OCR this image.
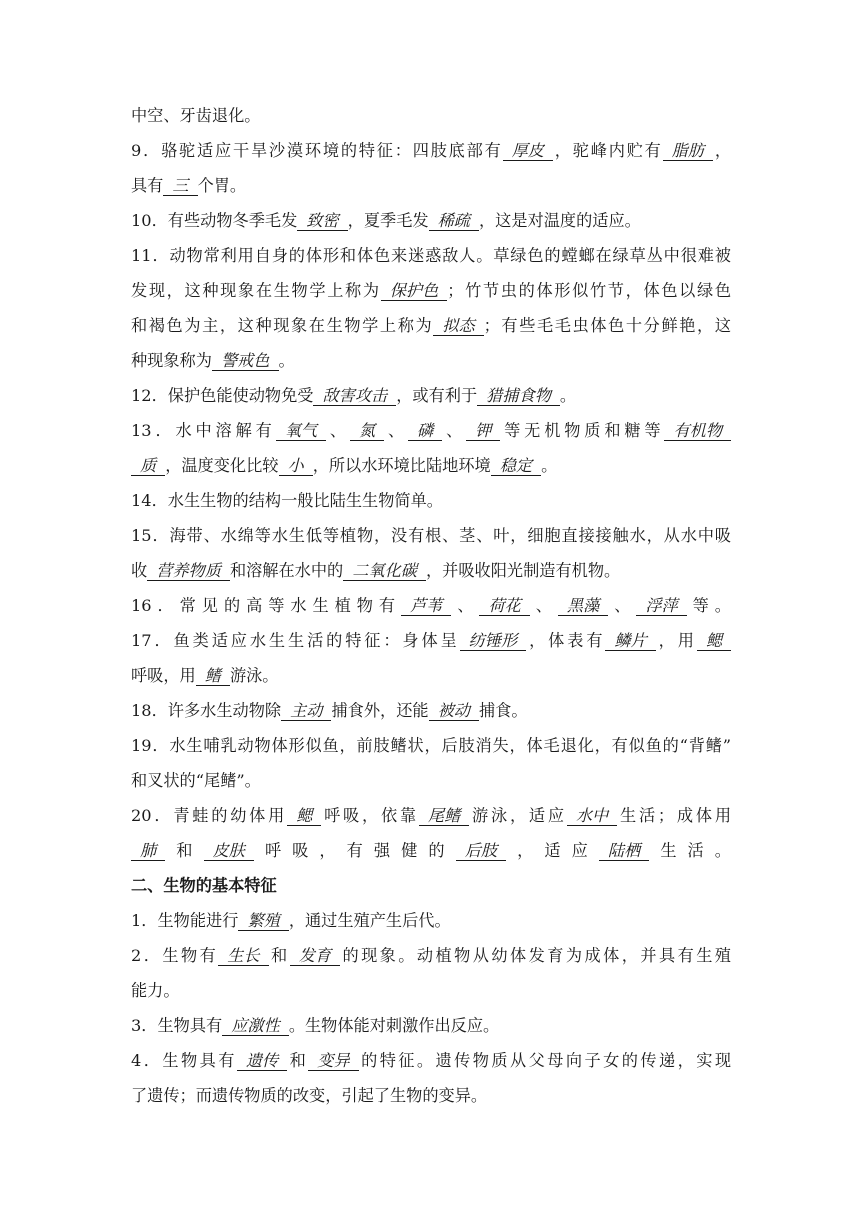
中空、牙齿退化。
9．骆驼适应干旱沙漠环境的特征：四肢底部有 厚皮 ，驼峰内贮有 脂肪 ，
具有 三 个胃。
10．有些动物冬季毛发 致密 ，夏季毛发 稀疏 ，这是对温度的适应。
11．动物常利用自身的体形和体色来迷惑敌人。草绿色的螳螂在绿草丛中很难被
发现，这种现象在生物学上称为 保护色 ；竹节虫的体形似竹节，体色以绿色
和褐色为主，这种现象在生物学上称为 拟态 ；有些毛毛虫体色十分鲜艳，这
种现象称为 警戒色 。
12．保护色能使动物免受 敌害攻击 ，或有利于 猎捕食物 。
13．水中溶解有 氧气 、 氮 、 磷 、 钾 等无机物质和糖等 有机物
质 ，温度变化比较 小 ，所以水环境比陆地环境 稳定 。
14．水生生物的结构一般比陆生生物简单。
15．海带、水绵等水生低等植物，没有根、茎、叶，细胞直接接触水，从水中吸
收 营养物质 和溶解在水中的 二氧化碳 ，并吸收阳光制造有机物。
16．常见的高等水生植物有 芦苇 、 荷花 、 黑藻 、 浮萍 等。
17．鱼类适应水生生活的特征：身体呈 纺锤形 ，体表有 鳞片 ，用 鳃
呼吸，用 鳍 游泳。
18．许多水生动物除 主动 捕食外，还能 被动 捕食。
19．水生哺乳动物体形似鱼，前肢鳍状，后肢消失，体毛退化，有似鱼的“背鳍”
和叉状的“尾鳍”。
20．青蛙的幼体用 鳃 呼吸，依靠 尾鳍 游泳，适应 水中 生活；成体用
肺 和 皮肤 呼吸，有强健的 后肢 ，适应 陆栖 生活。
二、生物的基本特征
1．生物能进行 繁殖 ，通过生殖产生后代。
2．生物有 生长 和 发育 的现象。动植物从幼体发育为成体，并具有生殖
能力。
3．生物具有 应激性 。生物体能对刺激作出反应。
4．生物具有 遗传 和 变异 的特征。遗传物质从父母向子女的传递，实现
了遗传；而遗传物质的改变，引起了生物的变异。
